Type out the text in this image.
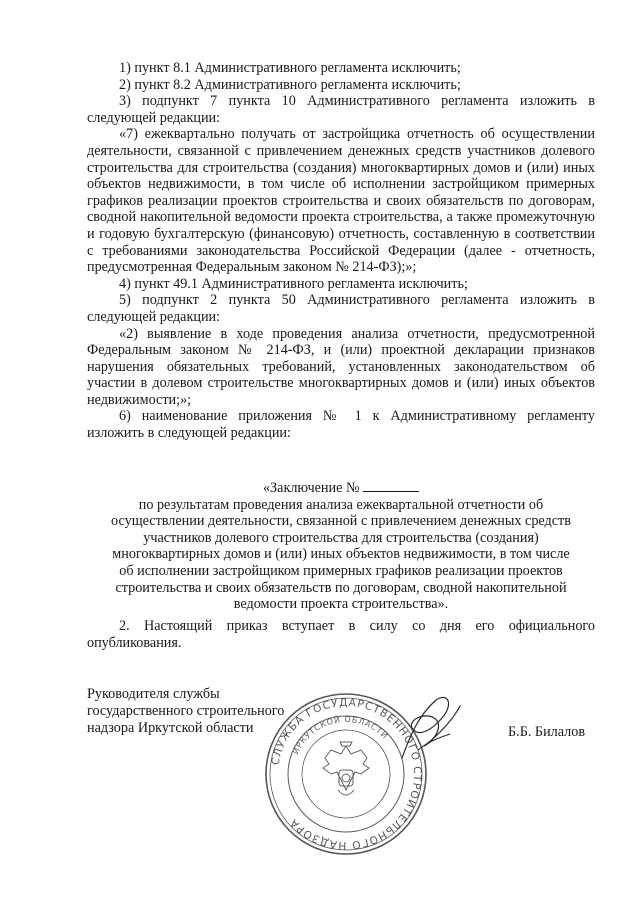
1) пункт 8.1 Административного регламента исключить;

2) пункт 8.2 Административного регламента исключить;

3) подпункт 7 пункта 10 Административного регламента изложить в следующей редакции:

«7) ежеквартально получать от застройщика отчетность об осуществлении деятельности, связанной с привлечением денежных средств участников долевого строительства для строительства (создания) многоквартирных домов и (или) иных объектов недвижимости, в том числе об исполнении застройщиком примерных графиков реализации проектов строительства и своих обязательств по договорам, сводной накопительной ведомости проекта строительства, а также промежуточную и годовую бухгалтерскую (финансовую) отчетность, составленную в соответствии с требованиями законодательства Российской Федерации (далее - отчетность, предусмотренная Федеральным законом № 214-ФЗ);»;

4) пункт 49.1 Административного регламента исключить;

5) подпункт 2 пункта 50 Административного регламента изложить в следующей редакции:

«2) выявление в ходе проведения анализа отчетности, предусмотренной Федеральным законом № 214-ФЗ, и (или) проектной декларации признаков нарушения обязательных требований, установленных законодательством об участии в долевом строительстве многоквартирных домов и (или) иных объектов недвижимости;»;

6) наименование приложения № 1 к Административному регламенту изложить в следующей редакции:

«Заключение №
по результатам проведения анализа ежеквартальной отчетности об
осуществлении деятельности, связанной с привлечением денежных средств
участников долевого строительства для строительства (создания)
многоквартирных домов и (или) иных объектов недвижимости, в том числе
об исполнении застройщиком примерных графиков реализации проектов
строительства и своих обязательств по договорам, сводной накопительной
ведомости проекта строительства».
2. Настоящий приказ вступает в силу со дня его официального опубликования.
Руководителя службы
государственного строительного
надзора Иркутской области
СЛУЖБА ГОСУДАРСТВЕННОГО СТРОИТЕЛЬНОГО НАДЗОРА
ИРКУТСКОЙ ОБЛАСТИ	Б.Б. Билалов
